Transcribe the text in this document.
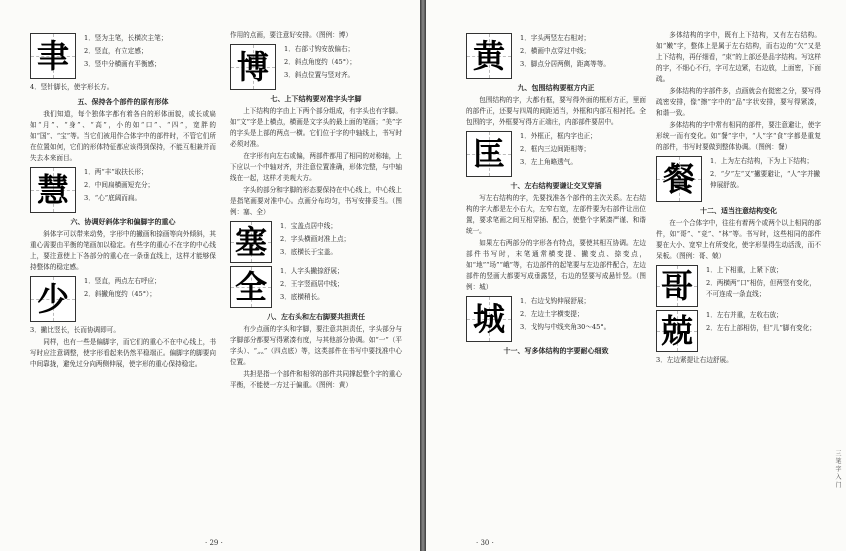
聿	1．竖为主笔，长横次主笔；
2．竖直，有立定感；
3．竖中分横画有平衡感；

4．竖针脚长，使字形长方。

五、保持各个部件的原有形体

我们知道，每个独体字都有着各自的形体面貌，或长或扁如“月”、“身”、“高”，小的如“口”、“四”，宽胖的如“国”、“宝”等。当它们被用作合体字中的部件时，不管它们所在位置如何，它们的形体特征都应该得到保持，不能互相兼并而失去本来面目。

慧	1．两“丰”取扶长形；
2．中间扁横画短充分；
3．“心”底阔而扁。

六、协调好斜体字和偏脚字的重心

斜体字可以带来动势，字形中的撇画和捺画等向外倾斜，其重心需要由平衡的笔画加以稳定。有些字的重心不在字的中心线上，要注意使上下各部分的重心在一条垂直线上，这样才能够保持整体的稳定感。

少	1．竖直，两点左右呼应；
2．斜撇角度约（45°）；

3．撇比竖长，长而协调即可。

同样，也有一些是偏脚字，而它们的重心不在中心线上，书写时应注意调整，使字形看起来仍然平稳端正。偏脚字的脚要向中间靠拢，避免过分向两侧伸展，使字形的重心保持稳定。

作用的点画，要注意好安排。（图例：博）

博	1．右部寸钩安放偏右；
2．斜点角度约（45°）；
3．斜点位置与竖对齐。

七、上下结构要对准字头字脚

上下结构的字由上下两个部分组成，有字头也有字脚。如“文”字是上横点，横画是文字头的最上面的笔画；“美”字的字头是上部的两点一横。它们位于字的中轴线上，书写时必须对准。

在字形有向左右或偏，两部件都用了相同的对称轴，上下应以一个中轴对齐，并注意位置准确，形体完整，与中轴线在一起，这样才美观大方。

字头的部分和字脚的形态要保持在中心线上，中心线上是指笔画要对准中心。点画分布均匀，书写安排妥当。（图例：塞、全）

塞	1．宝盖点居中线；
2．字头横画对准上点；
3．底横长于宝盖。
全	1．人字头撇捺舒展；
2．王字竖画居中线；
3．底横稍长。

八、左右头和左右脚要共担责任

有少点画的字头和字脚，要注意共担责任，字头部分与字脚部分都要写得紧凑有度，与其他部分协调。如“一”（平字头）、“灬”（四点底）等，这类部件在书写中要找准中心位置。

共担是指一个部件和相邻的部件共同撑起整个字的重心平衡，不能使一方过于偏重。（图例：黄）

· 29 ·
黄	1．字头两竖左右相对；
2．横画中点穿过中线；
3．脚点分居两侧，距离等等。

九、包围结构要框方内正

包围结构的字，大都有框，要写得外面的框形方正，里面的部件正，还要与四周的间距适当，外框和内部互相衬托。全包围的字，外框要写得方正端庄，内部部件要居中。

匡	1．外框正，框内字也正；
2．框内三边间距相等；
3．左上角略透气。

十、左右结构要谦让交叉穿插

写左右结构的字，先要找准各个部件的主次关系。左右结构的字大都是左小右大，左窄右宽，左部件要为右部件让出位置，要求笔画之间互相穿插、配合，使整个字紧凑严谨、和谐统一。

如果左右两部分的字形各有特点，要使其相互协调。左边部件书写时，末笔通常横变提、撇变点、捺变点，如“地”“场”“峨”等，右边部件的起笔要与左边部件配合，左边部件的竖画大都要写成垂露竖，右边的竖要写成悬针竖。（图例：城）

城	1．右边戈钩伸展舒展；
2．左边土字横变提；
3．戈钩与中线夹角30～45°。

十一、写多体结构的字要耐心细致

多体结构的字中，既有上下结构，又有左右结构。如“嫩”字，整体上是属于左右结构，而右边的“欠”又是上下结构，再仔细看，“束”的上部还是品字结构。写这样的字，不细心不行，字可左边紧，右边放，上面密，下面疏。

多体结构的字部件多，点画就会有挺密之分，要写得疏密安排，像“擦”字中的“品”字状安排，要写得紧凑，和谐一致。

多体结构的字中常有相同的部件，要注意避让，使字形统一而有变化。如“餐”字中，“人”字“食”字都是重复的部件，书写时要做到整体协调。（图例：餐）

餐	1．上为左右结构，下为上下结构；
2．“夕”左“又”撇要避让，“人”字并撇伸展舒放。

十二、适当注意结构变化

在一个合体字中，往往有着两个或两个以上相同的部件，如“哥”、“竞”、“林”等。书写时，这些相同的部件要在大小、宽窄上有所变化，使字形显得生动活泼，而不呆板。（图例：哥、兢）

哥	1．上下相重，上紧下放；
2．两横两“口”相仿，但两竖有变化，不可连成一条直线；
兢	1．左右并重，左收右放；
2．左右上部相仿，但“儿”脚有变化；

3．左边紧提让右边舒展。

· 30 ·
三 笔 字 入 门
